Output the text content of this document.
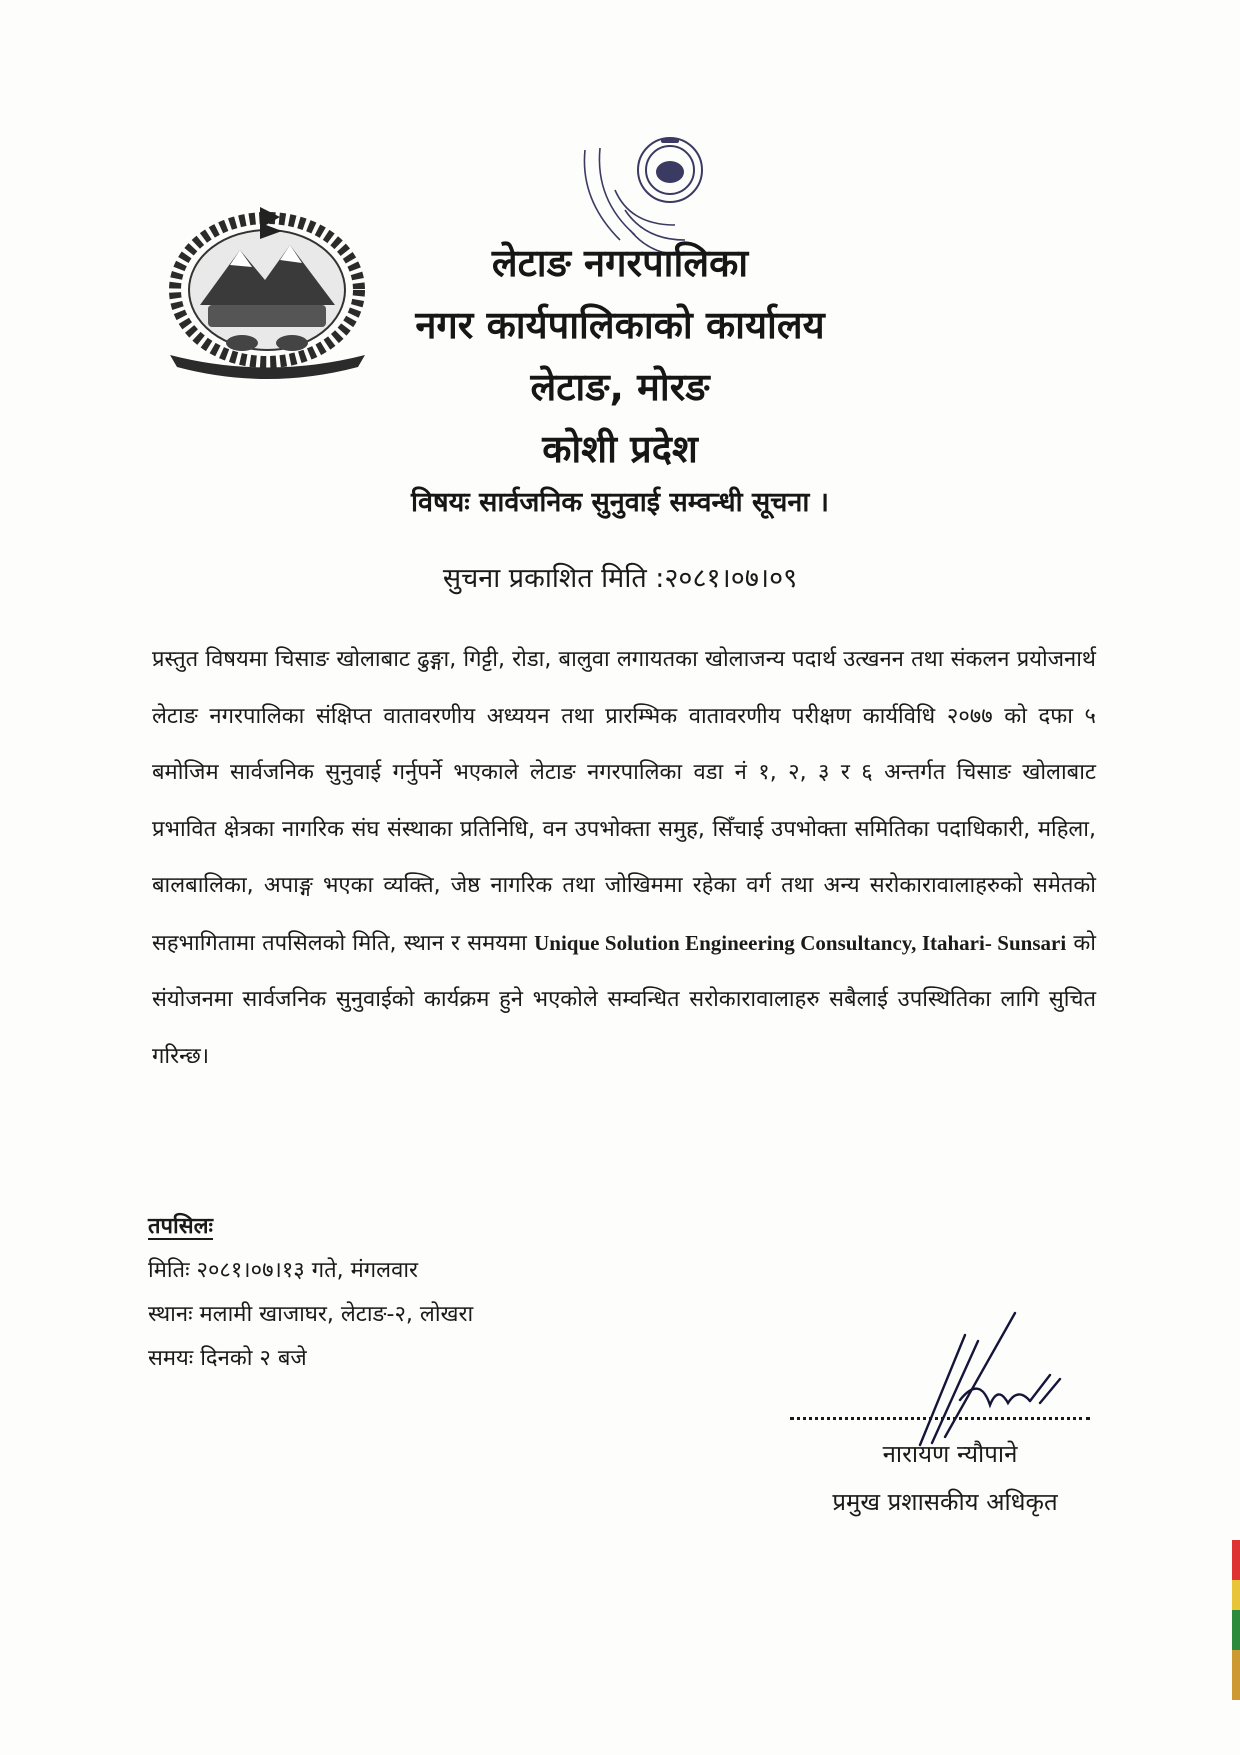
लेटाङ नगरपालिका
नगर कार्यपालिकाको कार्यालय
लेटाङ, मोरङ
कोशी प्रदेश
विषयः सार्वजनिक सुनुवाई सम्वन्धी सूचना ।
सुचना प्रकाशित मिति :२०८१।०७।०९
प्रस्तुत विषयमा चिसाङ खोलाबाट ढुङ्गा, गिट्टी, रोडा, बालुवा लगायतका खोलाजन्य पदार्थ उत्खनन तथा संकलन प्रयोजनार्थ लेटाङ नगरपालिका संक्षिप्त वातावरणीय अध्ययन तथा प्रारम्भिक वातावरणीय परीक्षण कार्यविधि २०७७ को दफा ५ बमोजिम सार्वजनिक सुनुवाई गर्नुपर्ने भएकाले लेटाङ नगरपालिका वडा नं १, २, ३ र ६ अन्तर्गत चिसाङ खोलाबाट प्रभावित क्षेत्रका नागरिक संघ संस्थाका प्रतिनिधि, वन उपभोक्ता समुह, सिँचाई उपभोक्ता समितिका पदाधिकारी, महिला, बालबालिका, अपाङ्ग भएका व्यक्ति, जेष्ठ नागरिक तथा जोखिममा रहेका वर्ग तथा अन्य सरोकारावालाहरुको समेतको सहभागितामा तपसिलको मिति, स्थान र समयमा Unique Solution Engineering Consultancy, Itahari- Sunsari को संयोजनमा सार्वजनिक सुनुवाईको कार्यक्रम हुने भएकोले सम्वन्धित सरोकारावालाहरु सबैलाई उपस्थितिका लागि सुचित गरिन्छ।
तपसिलः
मितिः २०८१।०७।१३ गते, मंगलवार
स्थानः मलामी खाजाघर, लेटाङ-२, लोखरा
समयः दिनको २ बजे
नारायण न्यौपाने
प्रमुख प्रशासकीय अधिकृत
